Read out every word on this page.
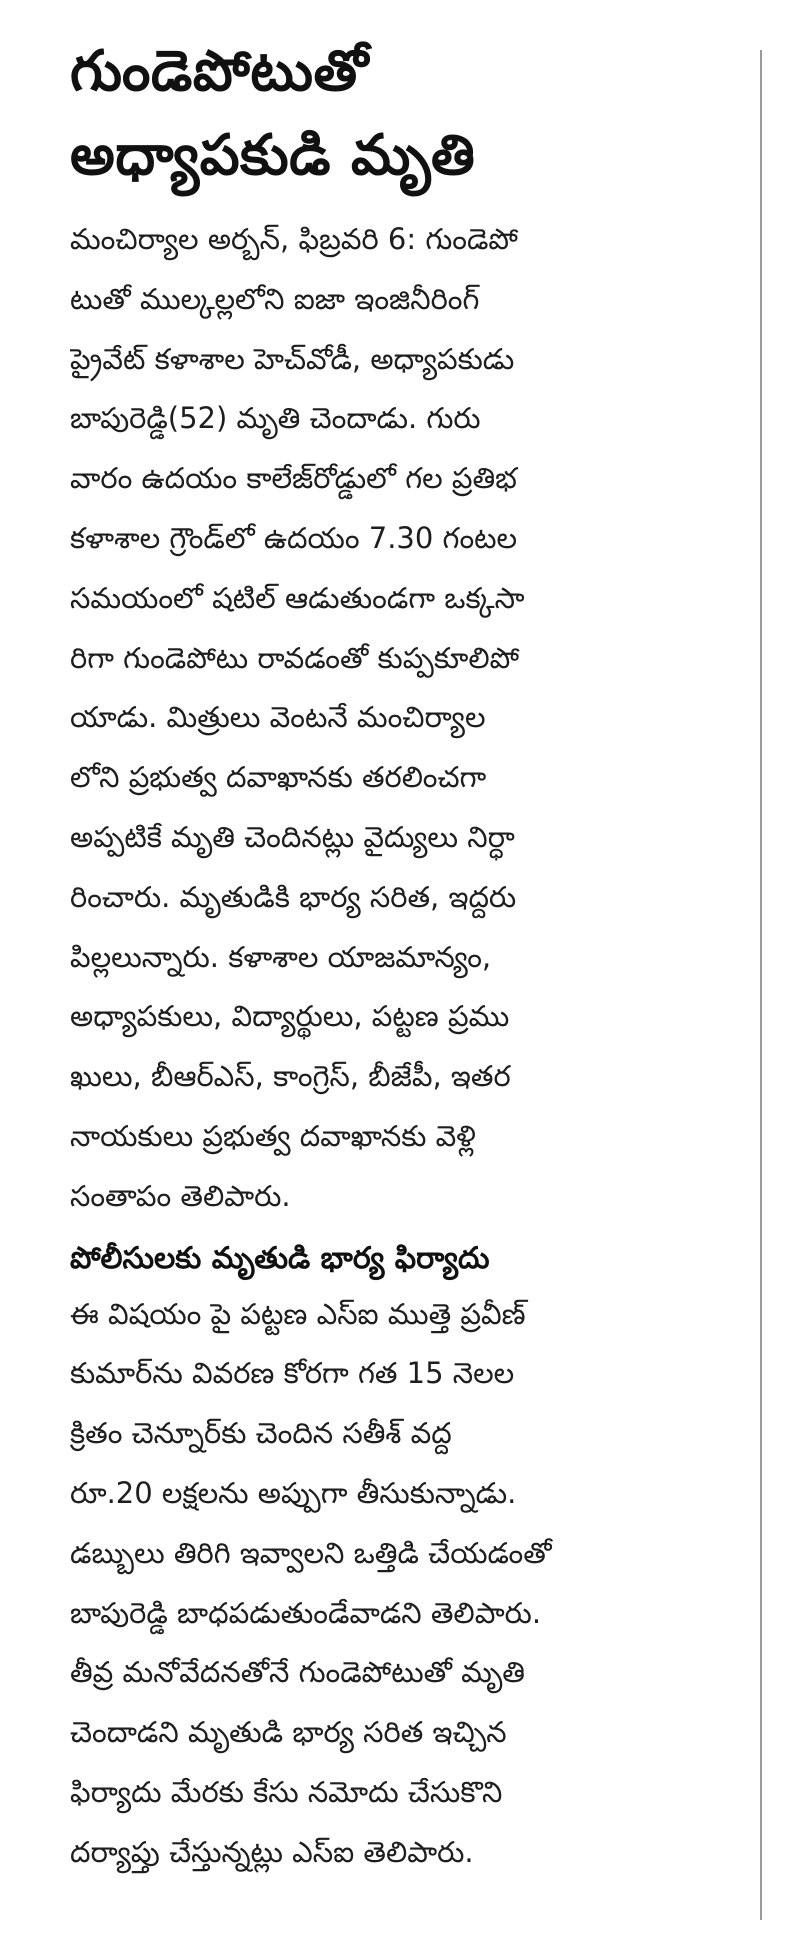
గుండెపోటుతో
అధ్యాపకుడి మృతి
మంచిర్యాల అర్బన్, ఫిబ్రవరి 6: గుండెపో
టుతో ముల్కల్లలోని ఐజా ఇంజినీరింగ్
ప్రైవేట్ కళాశాల హెచ్‌వోడీ, అధ్యాపకుడు
బాపురెడ్డి(52) మృతి చెందాడు. గురు
వారం ఉదయం కాలేజ్‌రోడ్డులో గల ప్రతిభ
కళాశాల గ్రౌండ్‌లో ఉదయం 7.30 గంటల
సమయంలో షటిల్ ఆడుతుండగా ఒక్కసా
రిగా గుండెపోటు రావడంతో కుప్పకూలిపో
యాడు. మిత్రులు వెంటనే మంచిర్యాల
లోని ప్రభుత్వ దవాఖానకు తరలించగా
అప్పటికే మృతి చెందినట్లు వైద్యులు నిర్ధా
రించారు. మృతుడికి భార్య సరిత, ఇద్దరు
పిల్లలున్నారు. కళాశాల యాజమాన్యం,
అధ్యాపకులు, విద్యార్థులు, పట్టణ ప్రము
ఖులు, బీఆర్‌ఎస్, కాంగ్రెస్, బీజేపీ, ఇతర
నాయకులు ప్రభుత్వ దవాఖానకు వెళ్లి
సంతాపం తెలిపారు.
పోలీసులకు మృతుడి భార్య ఫిర్యాదు
ఈ విషయం పై పట్టణ ఎస్‌ఐ ముత్తె ప్రవీణ్
కుమార్‌ను వివరణ కోరగా గత 15 నెలల
క్రితం చెన్నూర్‌కు చెందిన సతీశ్ వద్ద
రూ.20 లక్షలను అప్పుగా తీసుకున్నాడు.
డబ్బులు తిరిగి ఇవ్వాలని ఒత్తిడి చేయడంతో
బాపురెడ్డి బాధపడుతుండేవాడని తెలిపారు.
తీవ్ర మనోవేదనతోనే గుండెపోటుతో మృతి
చెందాడని మృతుడి భార్య సరిత ఇచ్చిన
ఫిర్యాదు మేరకు కేసు నమోదు చేసుకొని
దర్యాప్తు చేస్తున్నట్లు ఎస్‌ఐ తెలిపారు.
